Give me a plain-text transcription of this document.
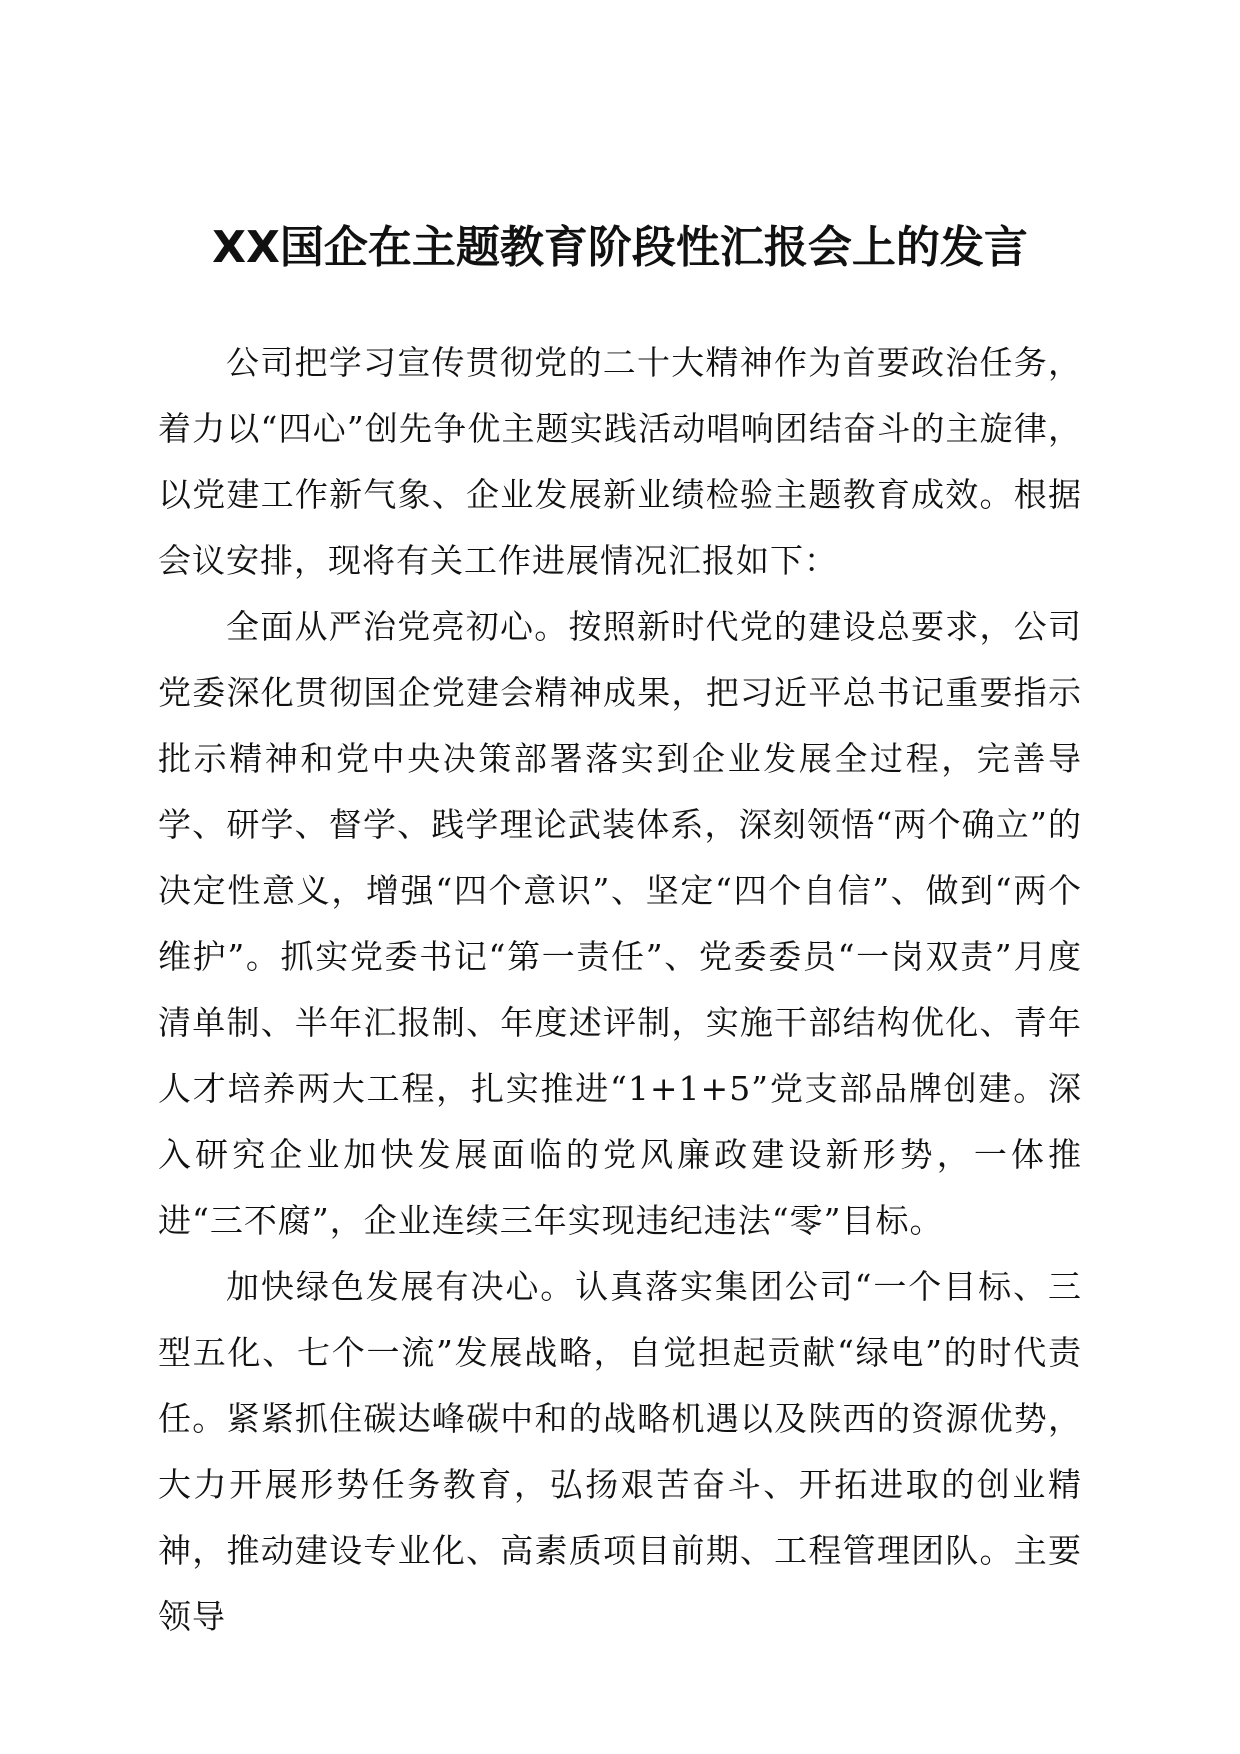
XX国企在主题教育阶段性汇报会上的发言

公司把学习宣传贯彻党的二十大精神作为首要政治任务，着力以“四心”创先争优主题实践活动唱响团结奋斗的主旋律，以党建工作新气象、企业发展新业绩检验主题教育成效。根据会议安排，现将有关工作进展情况汇报如下：

全面从严治党亮初心。按照新时代党的建设总要求，公司党委深化贯彻国企党建会精神成果，把习近平总书记重要指示批示精神和党中央决策部署落实到企业发展全过程，完善导学、研学、督学、践学理论武装体系，深刻领悟“两个确立”的决定性意义，增强“四个意识”、坚定“四个自信”、做到“两个维护”。抓实党委书记“第一责任”、党委委员“一岗双责”月度清单制、半年汇报制、年度述评制，实施干部结构优化、青年人才培养两大工程，扎实推进“1+1+5”党支部品牌创建。深入研究企业加快发展面临的党风廉政建设新形势，一体推进“三不腐”，企业连续三年实现违纪违法“零”目标。

加快绿色发展有决心。认真落实集团公司“一个目标、三型五化、七个一流”发展战略，自觉担起贡献“绿电”的时代责任。紧紧抓住碳达峰碳中和的战略机遇以及陕西的资源优势，大力开展形势任务教育，弘扬艰苦奋斗、开拓进取的创业精神，推动建设专业化、高素质项目前期、工程管理团队。主要领导
